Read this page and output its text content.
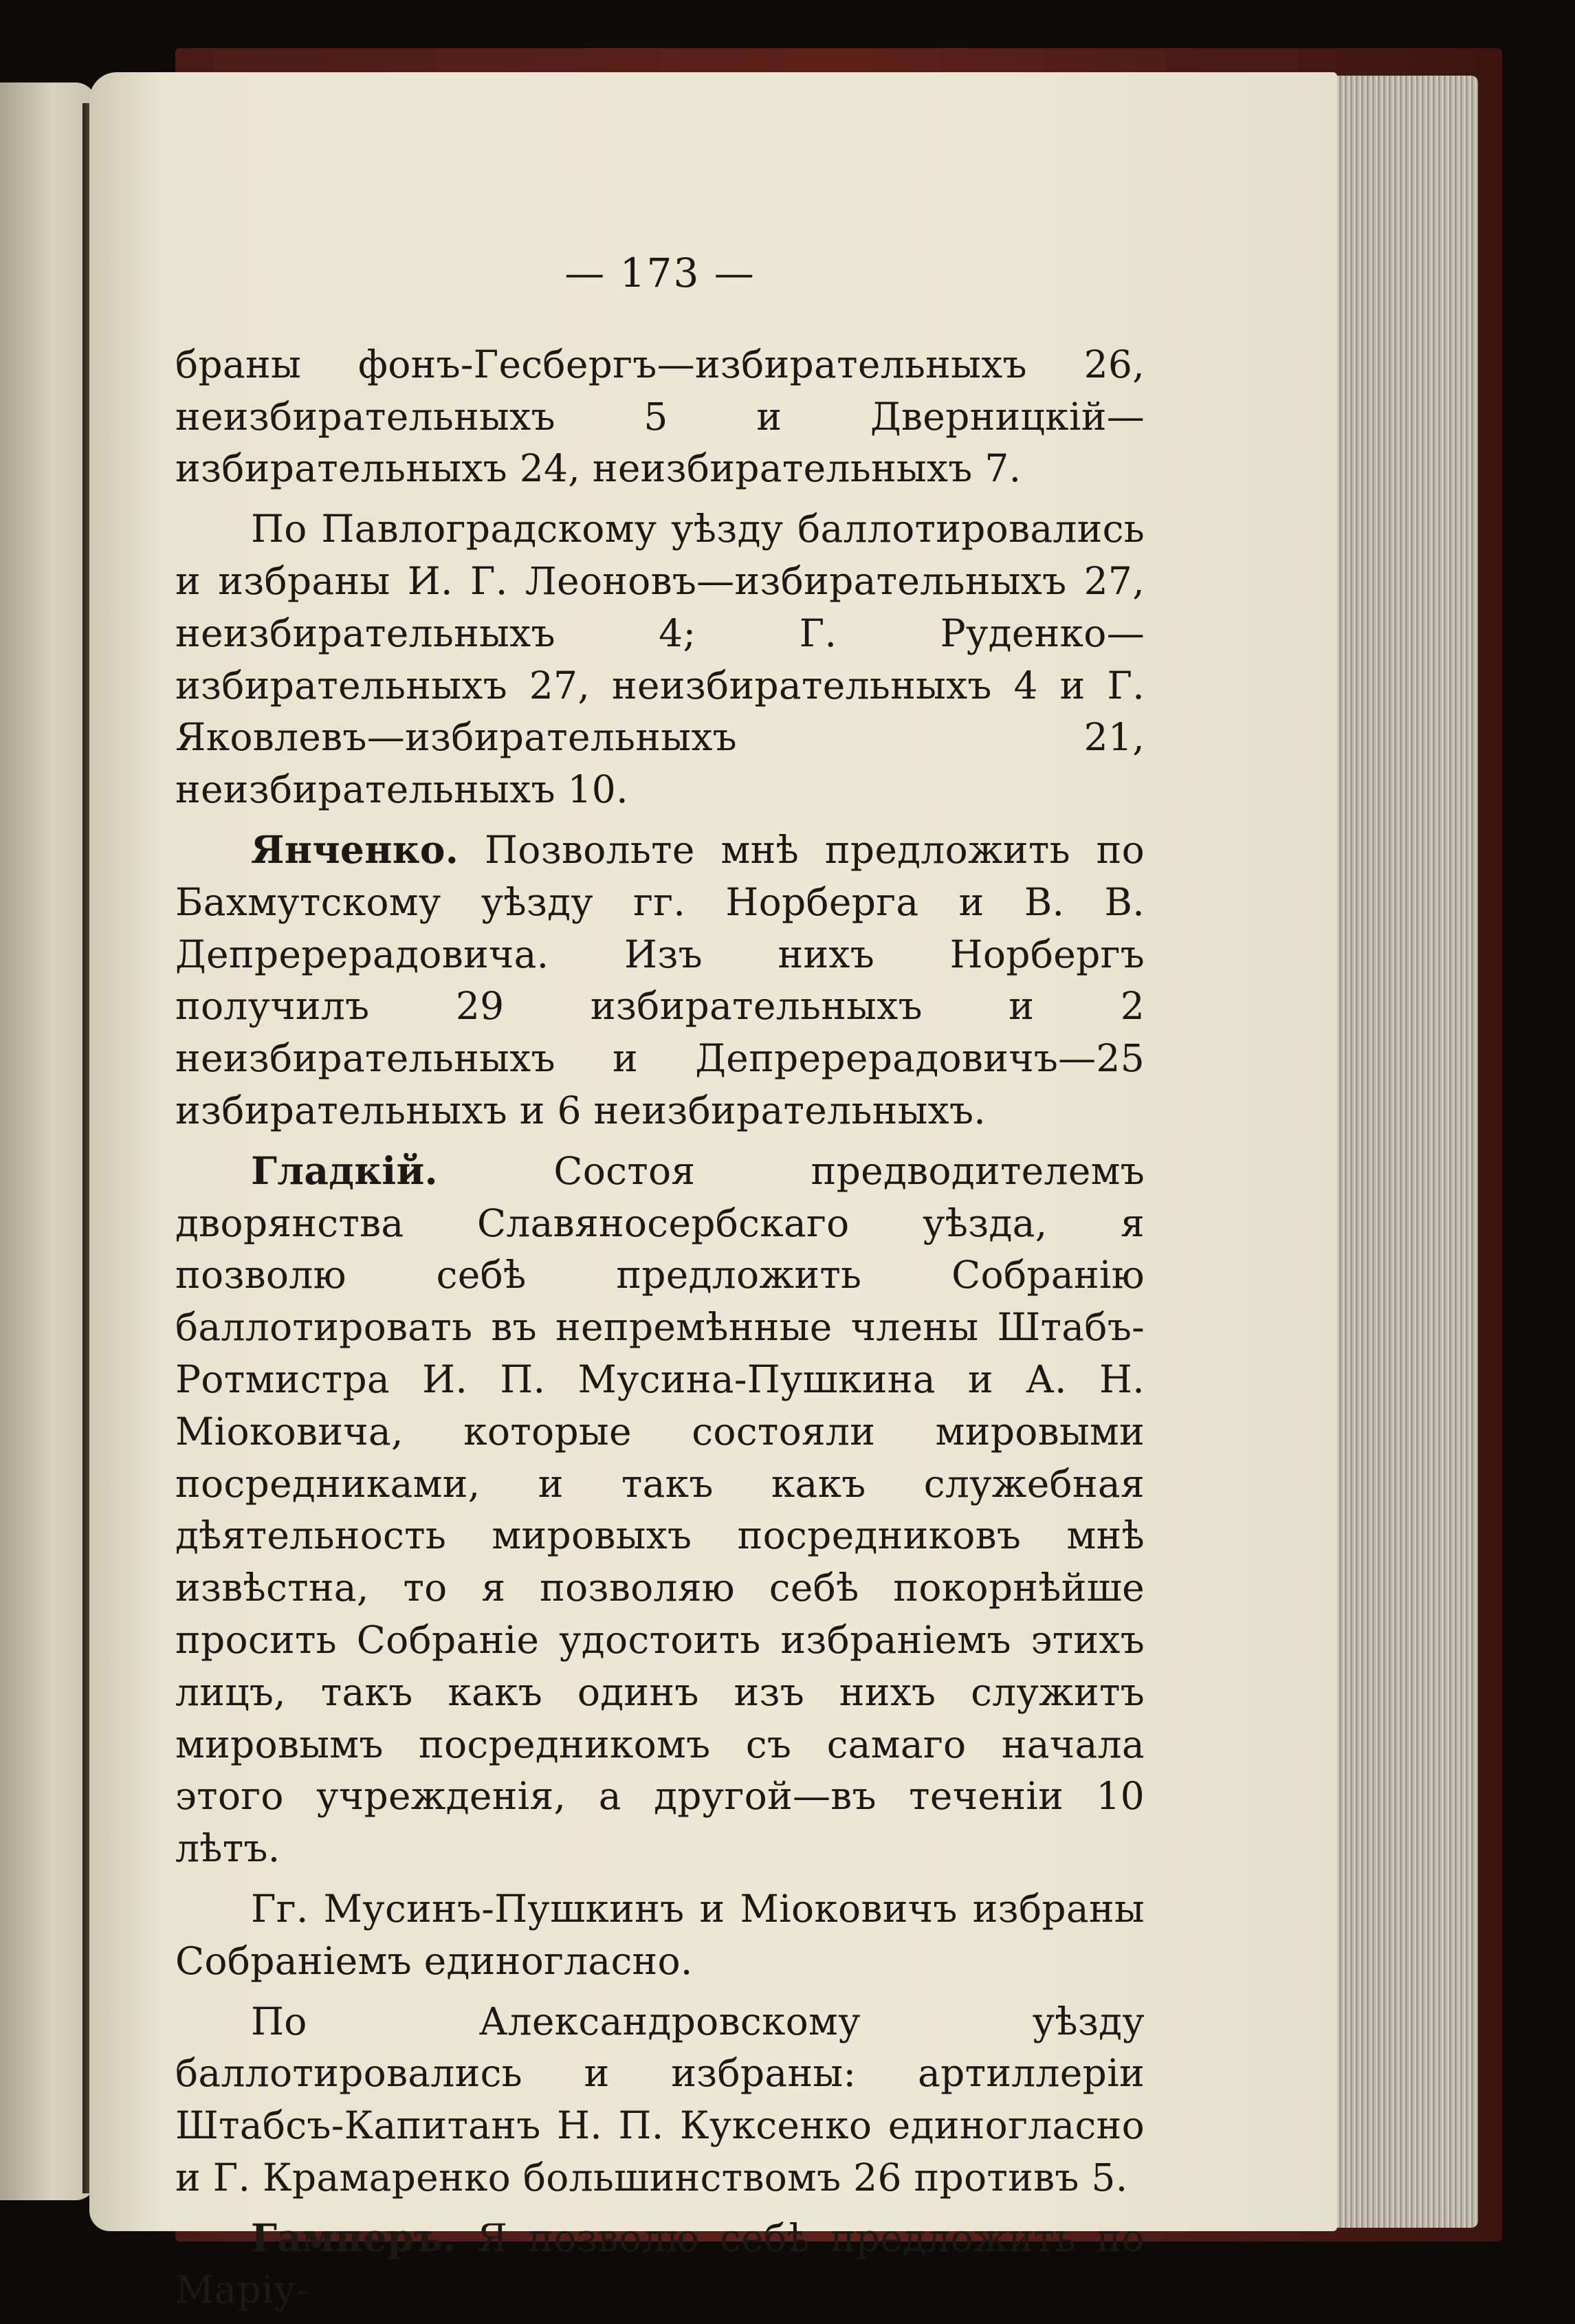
— 173 —

браны фонъ-Гесбергъ—избирательныхъ 26, неизбирательныхъ 5 и Дверницкій—избирательныхъ 24, неизбирательныхъ 7.

По Павлоградскому уѣзду баллотировались и избраны И. Г. Леоновъ—избирательныхъ 27, неизбирательныхъ 4; Г. Руденко—избирательныхъ 27, неизбирательныхъ 4 и Г. Яковлевъ—избирательныхъ 21, неизбирательныхъ 10.

Янченко. Позвольте мнѣ предложить по Бахмутскому уѣзду гг. Норберга и В. В. Депререрадовича. Изъ нихъ Норбергъ получилъ 29 избирательныхъ и 2 неизбирательныхъ и Депререрадовичъ—25 избирательныхъ и 6 неизбирательныхъ.

Гладкій. Состоя предводителемъ дворянства Славяносербскаго уѣзда, я позволю себѣ предложить Собранію баллотировать въ непремѣнные члены Штабъ-Ротмистра И. П. Мусина-Пушкина и А. Н. Міоковича, которые состояли мировыми посредниками, и такъ какъ служебная дѣятельность мировыхъ посредниковъ мнѣ извѣстна, то я позволяю себѣ покорнѣйше просить Собраніе удостоить избраніемъ этихъ лицъ, такъ какъ одинъ изъ нихъ служитъ мировымъ посредникомъ съ самаго начала этого учрежденія, а другой—въ теченіи 10 лѣтъ.

Гг. Мусинъ-Пушкинъ и Міоковичъ избраны Собраніемъ единогласно.

По Александровскому уѣзду баллотировались и избраны: артиллеріи Штабсъ-Капитанъ Н. П. Куксенко единогласно и Г. Крамаренко большинствомъ 26 противъ 5.

Гамперъ. Я позволю себѣ предложить по Маріу-
